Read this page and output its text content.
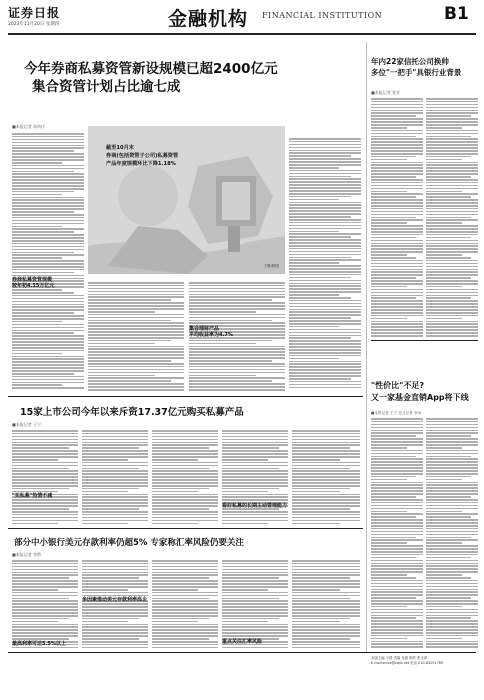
证券日报
2023年11月20日 星期四	金融机构 FINANCIAL INSTITUTION	B1
今年券商私募资管新设规模已超2400亿元
集合资管计划占比逾七成
■本报记者 周尚仔
券商私募资管规模
较年初4.15万亿元
截至10月末
券商(包括资管子公司)私募资管
产品年度规模环比下降1.18%
王琳/制图
集合理财产品
平均收益率为4.7%
年内22家信托公司换帅
多位"一把手"具银行业背景
■本报记者 张芳
15家上市公司今年以来斥资17.37亿元购买私募产品
■本报记者 王宁
"买私募"热情不减
看好私募的长期主动管理能力
"性价比"不足?
又一家基金直销App将下线
■本报记者 王宁 见习记者 韦雨
部分中小银行美元存款利率仍超5% 专家称汇率风险仍要关注
■本报记者 李斯
最高利率可达5.5%以上
多因素推动美元存款利率高企
重点关注汇率风险
本版主编 于德 责编 吴澍 制作 张玉萍
E-mail:zmzx@zqrb.net 电话 010-83251785
